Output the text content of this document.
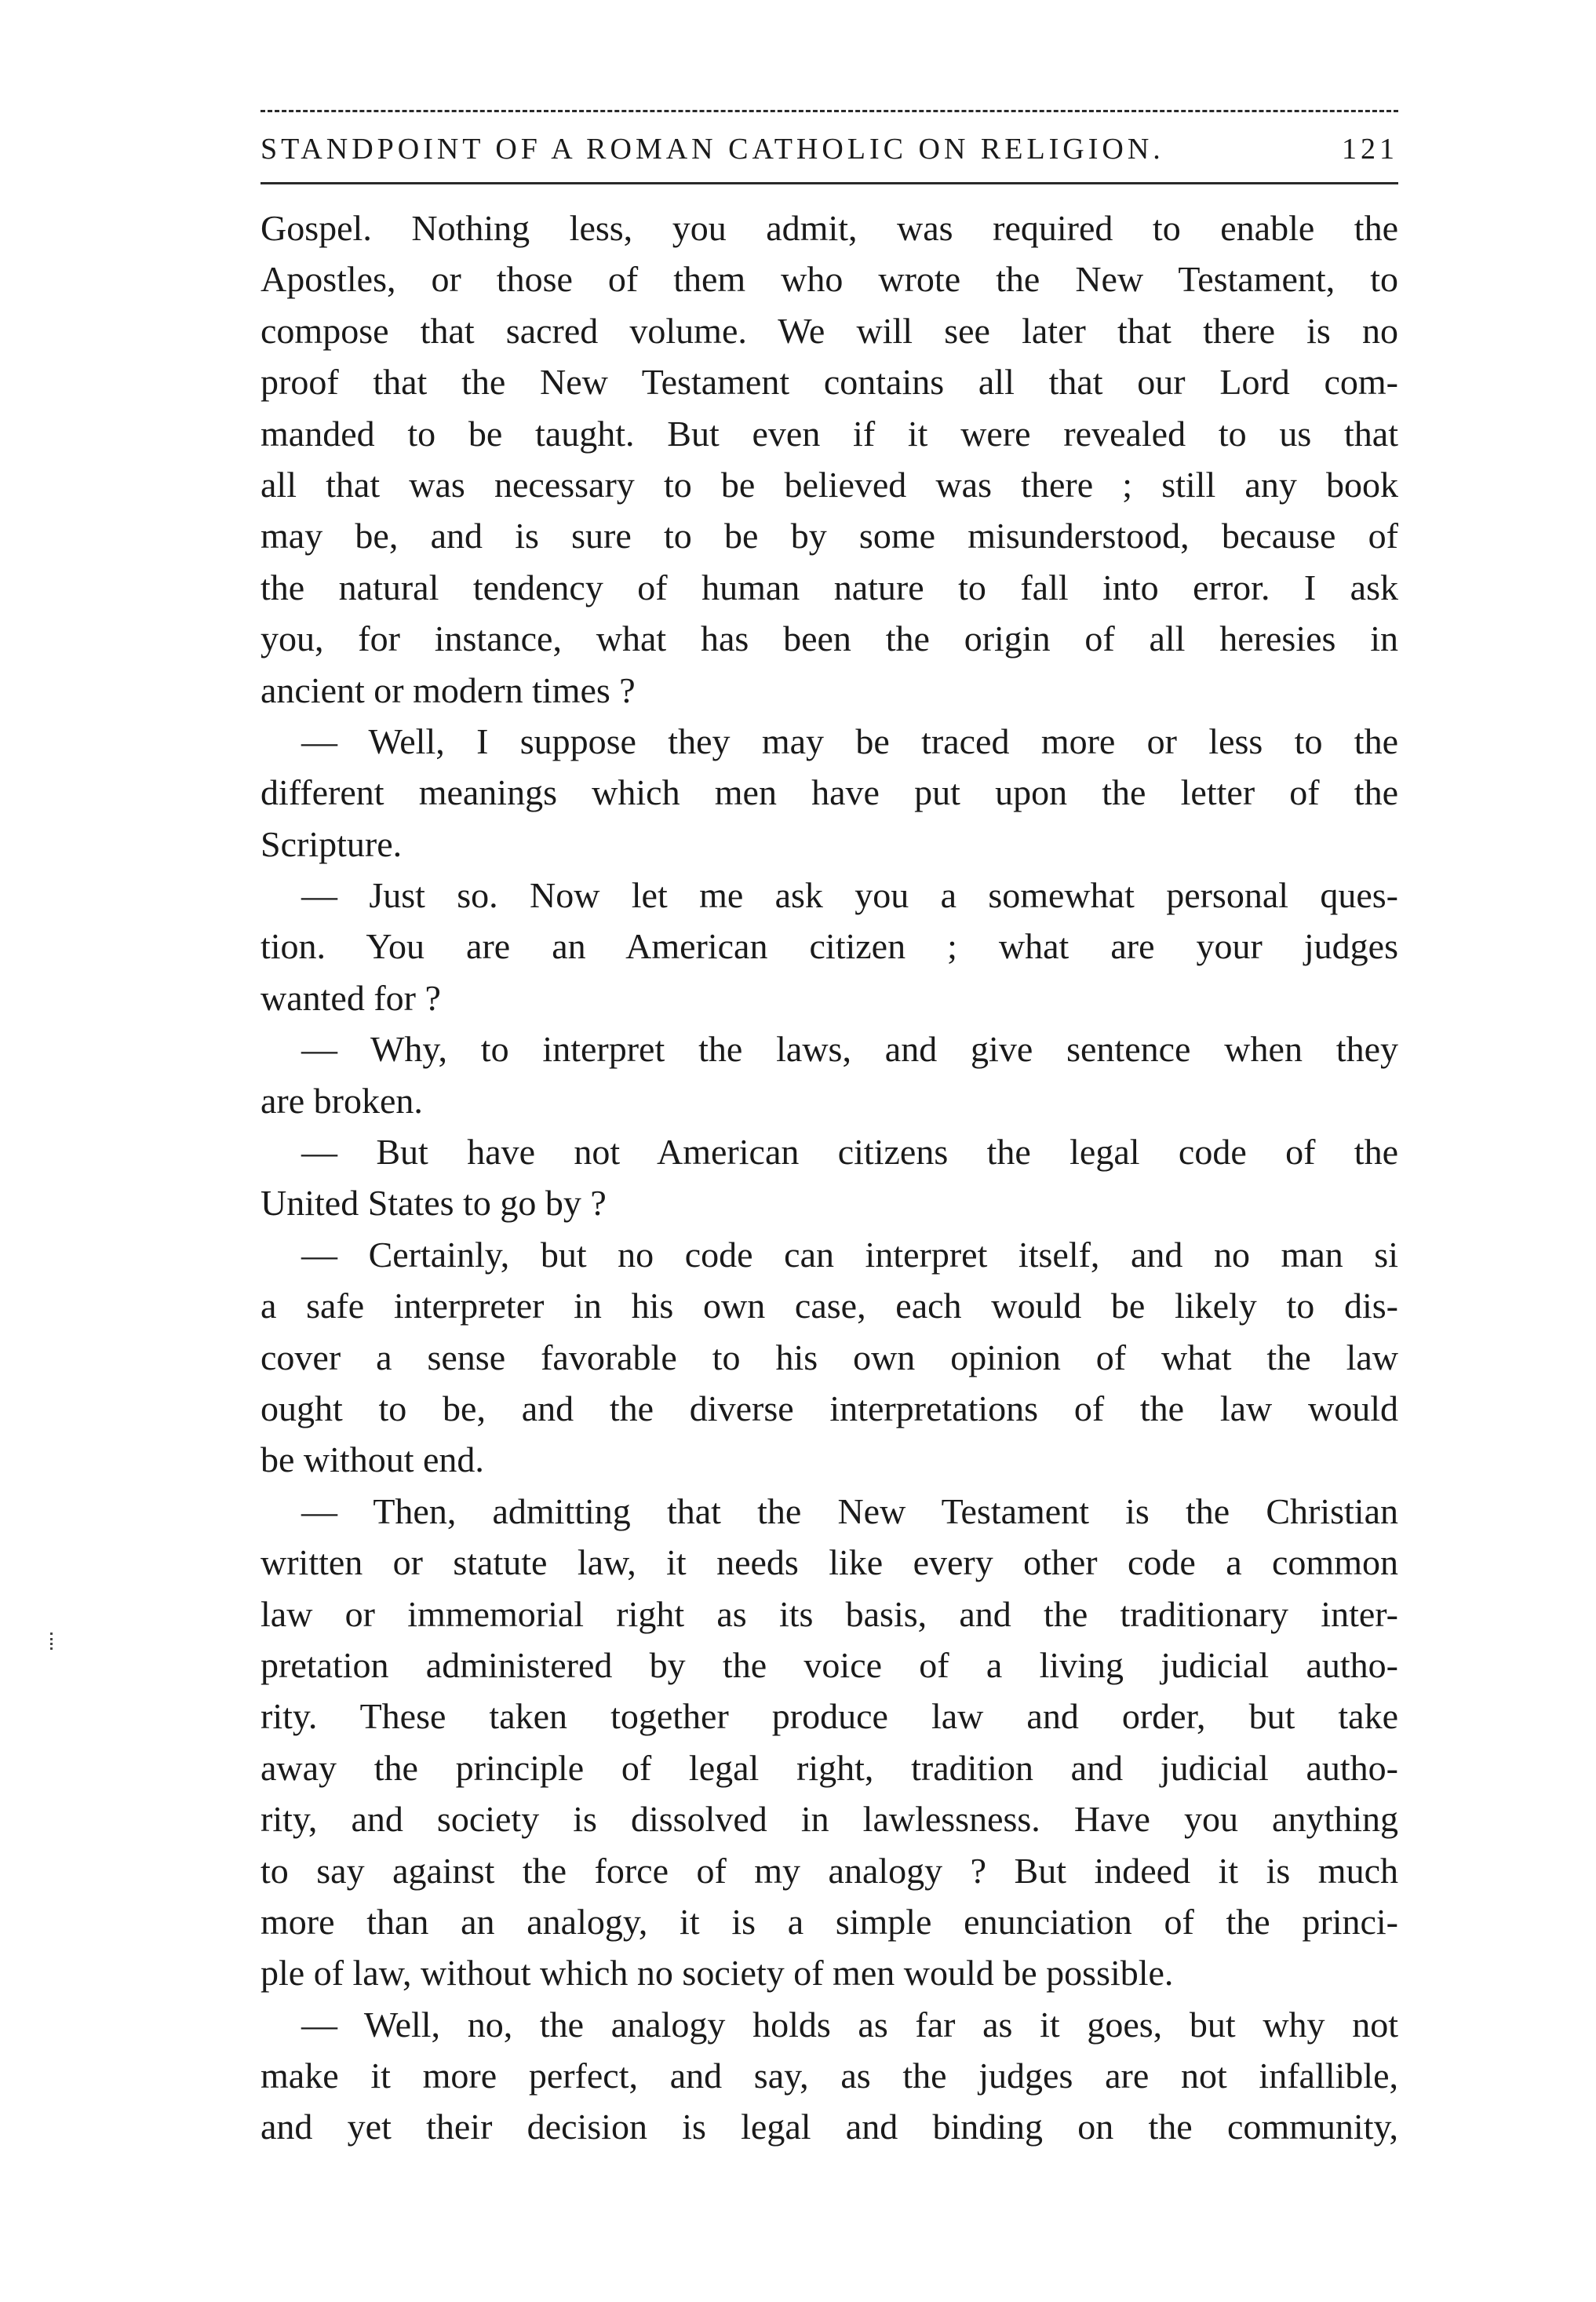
STANDPOINT OF A ROMAN CATHOLIC ON RELIGION.	121
Gospel. Nothing less, you admit, was required to enable the
Apostles, or those of them who wrote the New Testament, to
compose that sacred volume. We will see later that there is no
proof that the New Testament contains all that our Lord com-
manded to be taught. But even if it were revealed to us that
all that was necessary to be believed was there ; still any book
may be, and is sure to be by some misunderstood, because of
the natural tendency of human nature to fall into error. I ask
you, for instance, what has been the origin of all heresies in
ancient or modern times ?
— Well, I suppose they may be traced more or less to the
different meanings which men have put upon the letter of the
Scripture.
— Just so. Now let me ask you a somewhat personal ques-
tion. You are an American citizen ; what are your judges
wanted for ?
— Why, to interpret the laws, and give sentence when they
are broken.
— But have not American citizens the legal code of the
United States to go by ?
— Certainly, but no code can interpret itself, and no man si
a safe interpreter in his own case, each would be likely to dis-
cover a sense favorable to his own opinion of what the law
ought to be, and the diverse interpretations of the law would
be without end.
— Then, admitting that the New Testament is the Christian
written or statute law, it needs like every other code a common
law or immemorial right as its basis, and the traditionary inter-
pretation administered by the voice of a living judicial autho-
rity. These taken together produce law and order, but take
away the principle of legal right, tradition and judicial autho-
rity, and society is dissolved in lawlessness. Have you anything
to say against the force of my analogy ? But indeed it is much
more than an analogy, it is a simple enunciation of the princi-
ple of law, without which no society of men would be possible.
— Well, no, the analogy holds as far as it goes, but why not
make it more perfect, and say, as the judges are not infallible,
and yet their decision is legal and binding on the community,
